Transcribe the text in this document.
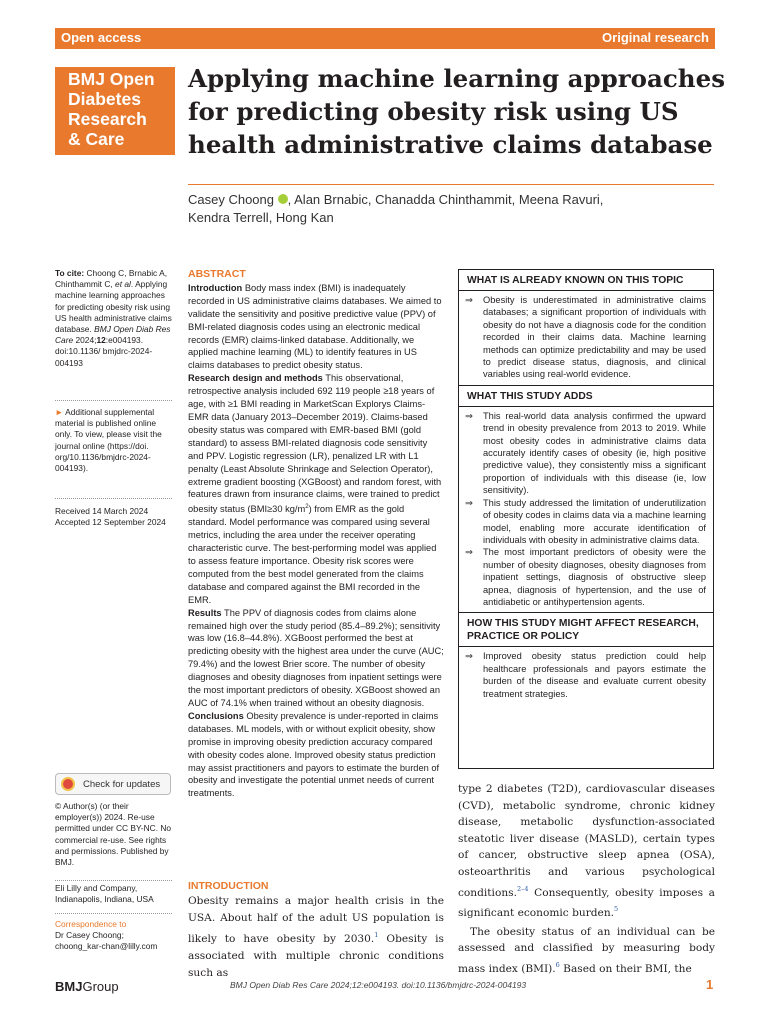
Open access	Original research
BMJ Open
Diabetes
Research
& Care
Applying machine learning approaches for predicting obesity risk using US health administrative claims database
Casey Choong , Alan Brnabic, Chanadda Chinthammit, Meena Ravuri,
Kendra Terrell, Hong Kan
To cite: Choong C, Brnabic A, Chinthammit C, et al. Applying machine learning approaches for predicting obesity risk using US health administrative claims database. BMJ Open Diab Res Care 2024;12:e004193. doi:10.1136/ bmjdrc-2024-004193
► Additional supplemental material is published online only. To view, please visit the journal online (https://doi. org/10.1136/bmjdrc-2024-004193).
Received 14 March 2024
Accepted 12 September 2024
Check for updates
© Author(s) (or their employer(s)) 2024. Re-use permitted under CC BY-NC. No commercial re-use. See rights and permissions. Published by BMJ.
Eli Lilly and Company, Indianapolis, Indiana, USA
Correspondence to
Dr Casey Choong;
choong_kar-chan@lilly.com
ABSTRACT

Introduction Body mass index (BMI) is inadequately recorded in US administrative claims databases. We aimed to validate the sensitivity and positive predictive value (PPV) of BMI-related diagnosis codes using an electronic medical records (EMR) claims-linked database. Additionally, we applied machine learning (ML) to identify features in US claims databases to predict obesity status.

Research design and methods This observational, retrospective analysis included 692 119 people ≥18 years of age, with ≥1 BMI reading in MarketScan Explorys Claims-EMR data (January 2013–December 2019). Claims-based obesity status was compared with EMR-based BMI (gold standard) to assess BMI-related diagnosis code sensitivity and PPV. Logistic regression (LR), penalized LR with L1 penalty (Least Absolute Shrinkage and Selection Operator), extreme gradient boosting (XGBoost) and random forest, with features drawn from insurance claims, were trained to predict obesity status (BMI≥30 $kg/m^2$) from EMR as the gold standard. Model performance was compared using several metrics, including the area under the receiver operating characteristic curve. The best-performing model was applied to assess feature importance. Obesity risk scores were computed from the best model generated from the claims database and compared against the BMI recorded in the EMR.

Results The PPV of diagnosis codes from claims alone remained high over the study period (85.4–89.2%); sensitivity was low (16.8–44.8%). XGBoost performed the best at predicting obesity with the highest area under the curve (AUC; 79.4%) and the lowest Brier score. The number of obesity diagnoses and obesity diagnoses from inpatient settings were the most important predictors of obesity. XGBoost showed an AUC of 74.1% when trained without an obesity diagnosis.

Conclusions Obesity prevalence is under-reported in claims databases. ML models, with or without explicit obesity, show promise in improving obesity prediction accuracy compared with obesity codes alone. Improved obesity status prediction may assist practitioners and payors to estimate the burden of obesity and investigate the potential unmet needs of current treatments.

WHAT IS ALREADY KNOWN ON THIS TOPIC
⇒ Obesity is underestimated in administrative claims databases; a significant proportion of individuals with obesity do not have a diagnosis code for the condition recorded in their claims data. Machine learning methods can optimize predictability and may be used to predict disease status, diagnosis, and clinical variables using real-world evidence.
WHAT THIS STUDY ADDS
⇒ This real-world data analysis confirmed the upward trend in obesity prevalence from 2013 to 2019. While most obesity codes in administrative claims data accurately identify cases of obesity (ie, high positive predictive value), they consistently miss a significant proportion of individuals with this disease (ie, low sensitivity).
⇒ This study addressed the limitation of underutilization of obesity codes in claims data via a machine learning model, enabling more accurate identification of individuals with obesity in administrative claims data.
⇒ The most important predictors of obesity were the number of obesity diagnoses, obesity diagnoses from inpatient settings, diagnosis of obstructive sleep apnea, diagnosis of hypertension, and the use of antidiabetic or antihypertension agents.
HOW THIS STUDY MIGHT AFFECT RESEARCH, PRACTICE OR POLICY
⇒ Improved obesity status prediction could help healthcare professionals and payors estimate the burden of the disease and evaluate current obesity treatment strategies.
INTRODUCTION
Obesity remains a major health crisis in the USA. About half of the adult US population is likely to have obesity by 2030.$^1$ Obesity is associated with multiple chronic conditions such as

type 2 diabetes (T2D), cardiovascular diseases (CVD), metabolic syndrome, chronic kidney disease, metabolic dysfunction-associated steatotic liver disease (MASLD), certain types of cancer, obstructive sleep apnea (OSA), osteoarthritis and various psychological conditions.$^{2-4}$ Consequently, obesity imposes a significant economic burden.$^5$

The obesity status of an individual can be assessed and classified by measuring body mass index (BMI).$^6$ Based on their BMI, the

BMJGroup	BMJ Open Diab Res Care 2024;12:e004193. doi:10.1136/bmjdrc-2024-004193	1
